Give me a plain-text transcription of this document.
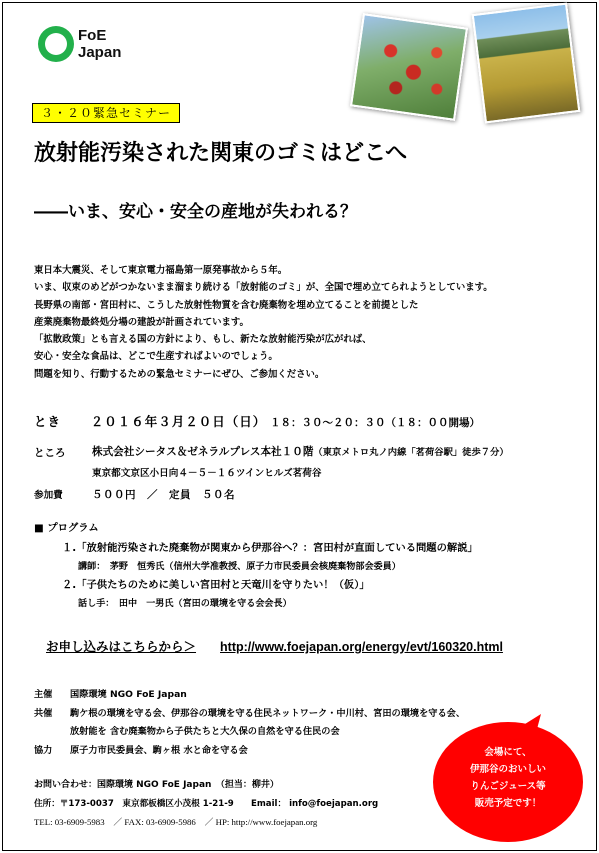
FoE
Japan
３・２０緊急セミナー
放射能汚染された関東のゴミはどこへ
――いま、安心・安全の産地が失われる？
東日本大震災、そして東京電力福島第一原発事故から５年。
いま、収束のめどがつかないまま溜まり続ける「放射能のゴミ」が、全国で埋め立てられようとしています。
長野県の南部・宮田村に、こうした放射性物質を含む廃棄物を埋め立てることを前提とした
産業廃棄物最終処分場の建設が計画されています。
「拡散政策」とも言える国の方針により、もし、新たな放射能汚染が広がれば、
安心・安全な食品は、どこで生産すればよいのでしょう。
問題を知り、行動するための緊急セミナーにぜひ、ご参加ください。
とき ２０１６年３月２０日（日） １８：３０～２０：３０（１８：００開場）
ところ	株式会社シータス＆ゼネラルプレス本社１０階（東京メトロ丸ノ内線「茗荷谷駅」徒歩７分）
東京都文京区小日向４－５－１６ツインヒルズ茗荷谷
参加費	５００円　／　定員　５０名
■ プログラム
１.「放射能汚染された廃棄物が関東から伊那谷へ？：宮田村が直面している問題の解説」
講師：　茅野　恒秀氏（信州大学准教授、原子力市民委員会核廃棄物部会委員）
２.「子供たちのために美しい宮田村と天竜川を守りたい！（仮）」
話し手：　田中　一男氏（宮田の環境を守る会会長）
お申し込みはこちらから＞ http://www.foejapan.org/energy/evt/160320.html
主催 国際環境 NGO FoE Japan
共催 駒ケ根の環境を守る会、伊那谷の環境を守る住民ネットワーク・中川村、宮田の環境を守る会、
放射能を 含む廃棄物から子供たちと大久保の自然を守る住民の会
協力 原子力市民委員会、駒ヶ根 水と命を守る会
お問い合わせ：国際環境 NGO FoE Japan　（担当：柳井）
住所：〒173-0037　東京都板橋区小茂根 1-21-9　　Email： info@foejapan.org
TEL: 03-6909-5983　／ FAX: 03-6909-5986　／ HP: http://www.foejapan.org
会場にて、
伊那谷のおいしい
りんごジュース等
販売予定です！
